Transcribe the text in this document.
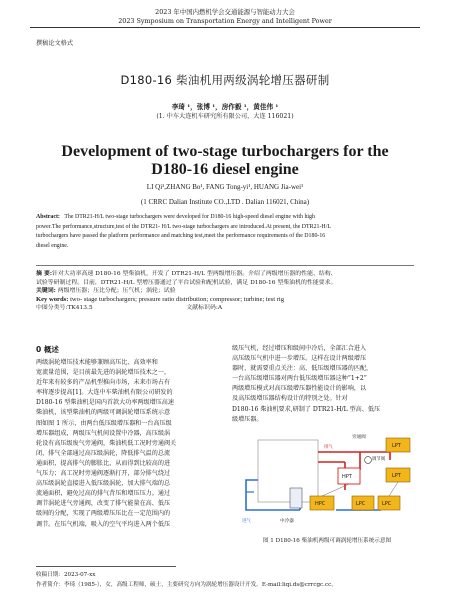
2023 年中国内燃机学会交通能源与智能动力大会
2023 Symposium on Transportation Energy and Intelligent Power
撰稿论文格式
D180-16 柴油机用两级涡轮增压器研制
李琦 ¹，张博 ¹，房作毅 ¹，黄佳伟 ¹
(1. 中车大连机车研究所有限公司，大连 116021)
Development of two-stage turbochargers for the
D180-16 diesel engine
LI Qi¹,ZHANG Bo¹, FANG Tong-yi¹, HUANG Jia-wei¹
(1 CRRC Dalian Institute CO.,LTD . Dalian 116021, China)
Abstract: The DTR21-H/L two-stage turbochargers were developed for D180-16 high-speed diesel engine with high
power.The performance,structure,test of the DTR21- H/L two-stage turbochargers are introduced.At present, the DTR21-H/L
turbochargers have passed the platform performance and matching test,meet the performance requirements of the D180-16
diesel engine.
摘 要:针对大功率高速 D180-16 型柴油机，开发了 DTR21-H/L 型两级增压器。介绍了两级增压器的性能、结构、
试验等研制过程。目前，DTR21-H/L 型增压器通过了平台试验和配机试验，满足 D180-16 型柴油机的性能要求。
关键词: 两级增压器；压比分配；压气机；涡轮；试验
Key words: two- stage turbochargers; pressure ratio distribution; compressor; turbine; test rig
中图分类号:TK413.5	文献标识码:A
0 概述
两级涡轮增压技术能够兼顾高压比、高效率和
宽流量范围，是目前最先进的涡轮增压技术之一，
近年来有较多的产品机型推向市场，未来市场占有
率将逐步提高[1]。大连中车柴油机有限公司研发的
D180-16 型柴油机是国内首款大功率两级增压高速
柴油机，该型柴油机的两级可调涡轮增压系统示意
图如图 1 所示，由两台低压级增压器和一台高压级
增压器组成，两级压气机间设置中冷器，高压级涡
轮设有高压级废气旁通阀，柴油机低工况时旁通阀关
闭，排气全部通过高压级涡轮，降低排气温的总流
通面积，提高排气的膨胀比，从而得到比较高的进
气压力；高工况时旁通阀逐渐打开，部分排气绕过
高压级涡轮直接进入低压级涡轮，加大排气端的总
流通面积，避免过高的排气背压和增压压力。通过
调节涡轮进气旁通阀，改变了排气能量在高、低压
级间的分配，实现了两级增压压比在一定范围内的
调节。在压气机端，吸入的空气平均进入两个低压
级压气机，经过增压和级间中冷后，全部汇合进入
高压级压气机中进一步增压。这样在设计两级增压
器时，就需要重点关注：高、低压级增压器的匹配，
一台高压级增压器对两台低压级增压器这种“1+2”
两级增压模式对高压级增压器性能设计的影响，以
及高压级增压器结构设计的特别之处。针对
D180-16 柴油机要求,研制了 DTR21-H/L 型高、低压
级增压器。
旁通阀
中冷器
HPT
LPT
LPT
HPC	LPC	LPC
调节阀
排气
进气
图 1 D180-16 柴油机两级可调涡轮增压系统示意图
收稿日期：2023-07-xx
作者简介：李琦（1985-），女，高级工程师，硕士，主要研究方向为涡轮增压器设计开发。E-mail:liqi.ds@crrcgc.cc。
